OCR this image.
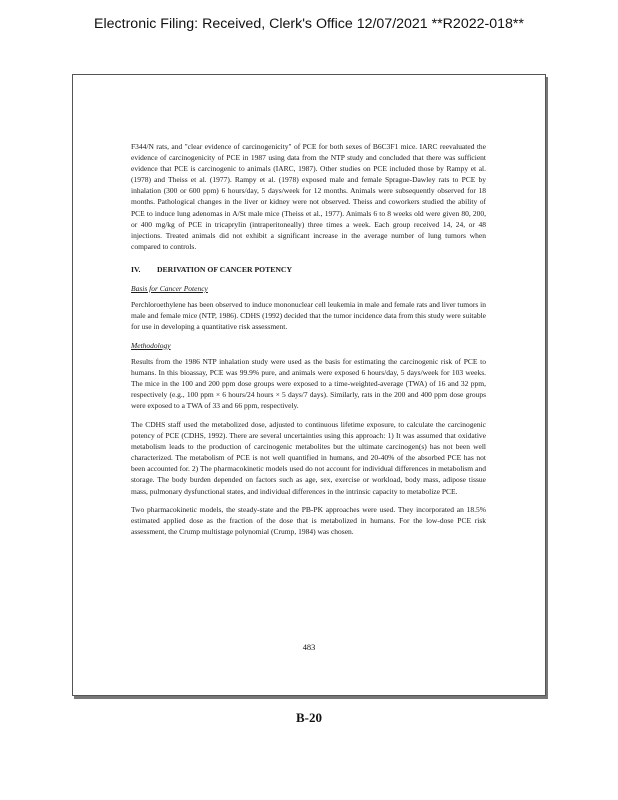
Electronic Filing: Received, Clerk's Office 12/07/2021 **R2022-018**

F344/N rats, and "clear evidence of carcinogenicity" of PCE for both sexes of B6C3F1 mice. IARC reevaluated the evidence of carcinogenicity of PCE in 1987 using data from the NTP study and concluded that there was sufficient evidence that PCE is carcinogenic to animals (IARC, 1987). Other studies on PCE included those by Rampy et al. (1978) and Theiss et al. (1977). Rampy et al. (1978) exposed male and female Sprague-Dawley rats to PCE by inhalation (300 or 600 ppm) 6 hours/day, 5 days/week for 12 months. Animals were subsequently observed for 18 months. Pathological changes in the liver or kidney were not observed. Theiss and coworkers studied the ability of PCE to induce lung adenomas in A/St male mice (Theiss et al., 1977). Animals 6 to 8 weeks old were given 80, 200, or 400 mg/kg of PCE in tricaprylin (intraperitoneally) three times a week. Each group received 14, 24, or 48 injections. Treated animals did not exhibit a significant increase in the average number of lung tumors when compared to controls.

IV. DERIVATION OF CANCER POTENCY
Basis for Cancer Potency

Perchloroethylene has been observed to induce mononuclear cell leukemia in male and female rats and liver tumors in male and female mice (NTP, 1986). CDHS (1992) decided that the tumor incidence data from this study were suitable for use in developing a quantitative risk assessment.

Methodology

Results from the 1986 NTP inhalation study were used as the basis for estimating the carcinogenic risk of PCE to humans. In this bioassay, PCE was 99.9% pure, and animals were exposed 6 hours/day, 5 days/week for 103 weeks. The mice in the 100 and 200 ppm dose groups were exposed to a time-weighted-average (TWA) of 16 and 32 ppm, respectively (e.g., 100 ppm × 6 hours/24 hours × 5 days/7 days). Similarly, rats in the 200 and 400 ppm dose groups were exposed to a TWA of 33 and 66 ppm, respectively.

The CDHS staff used the metabolized dose, adjusted to continuous lifetime exposure, to calculate the carcinogenic potency of PCE (CDHS, 1992). There are several uncertainties using this approach: 1) It was assumed that oxidative metabolism leads to the production of carcinogenic metabolites but the ultimate carcinogen(s) has not been well characterized. The metabolism of PCE is not well quantified in humans, and 20-40% of the absorbed PCE has not been accounted for. 2) The pharmacokinetic models used do not account for individual differences in metabolism and storage. The body burden depended on factors such as age, sex, exercise or workload, body mass, adipose tissue mass, pulmonary dysfunctional states, and individual differences in the intrinsic capacity to metabolize PCE.

Two pharmacokinetic models, the steady-state and the PB-PK approaches were used. They incorporated an 18.5% estimated applied dose as the fraction of the dose that is metabolized in humans. For the low-dose PCE risk assessment, the Crump multistage polynomial (Crump, 1984) was chosen.

483
B-20
